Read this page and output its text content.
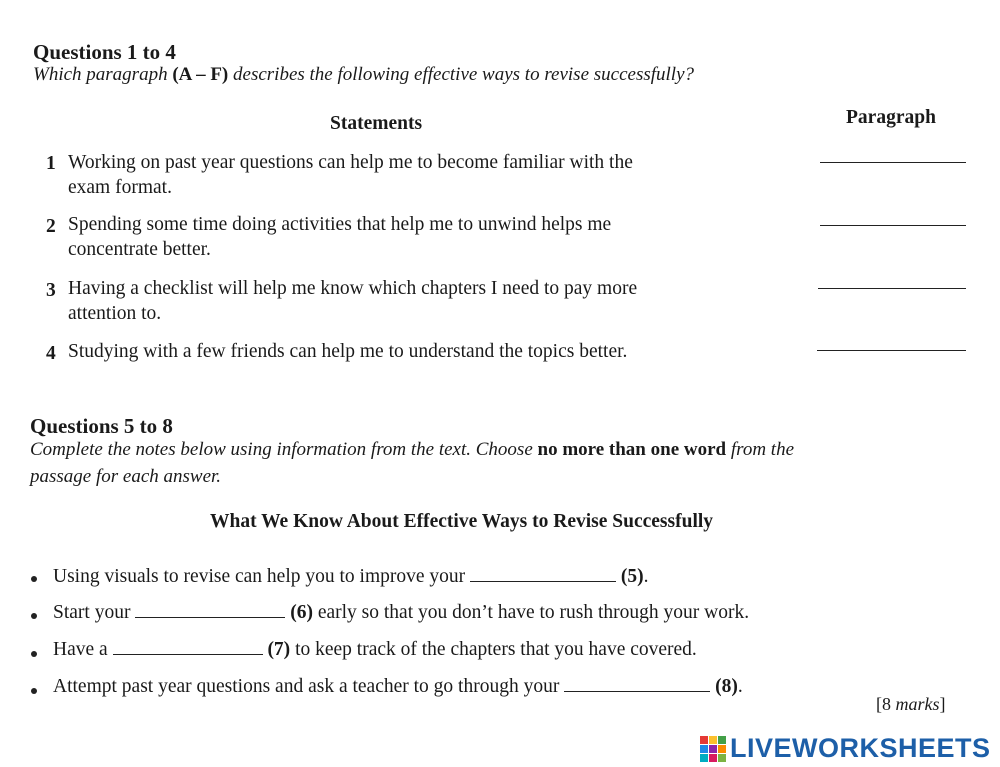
Questions 1 to 4
Which paragraph (A – F) describes the following effective ways to revise successfully?
Statements	Paragraph
1 Working on past year questions can help me to become familiar with the
exam format.
2 Spending some time doing activities that help me to unwind helps me
concentrate better.
3 Having a checklist will help me know which chapters I need to pay more
attention to.
4 Studying with a few friends can help me to understand the topics better.
Questions 5 to 8
Complete the notes below using information from the text. Choose no more than one word from the
passage for each answer.
What We Know About Effective Ways to Revise Successfully
Using visuals to revise can help you to improve your	(5).
Start your	(6) early so that you don’t have to rush through your work.
Have a	(7) to keep track of the chapters that you have covered.
Attempt past year questions and ask a teacher to go through your	(8).
[8 marks]
LIVEWORKSHEETS
